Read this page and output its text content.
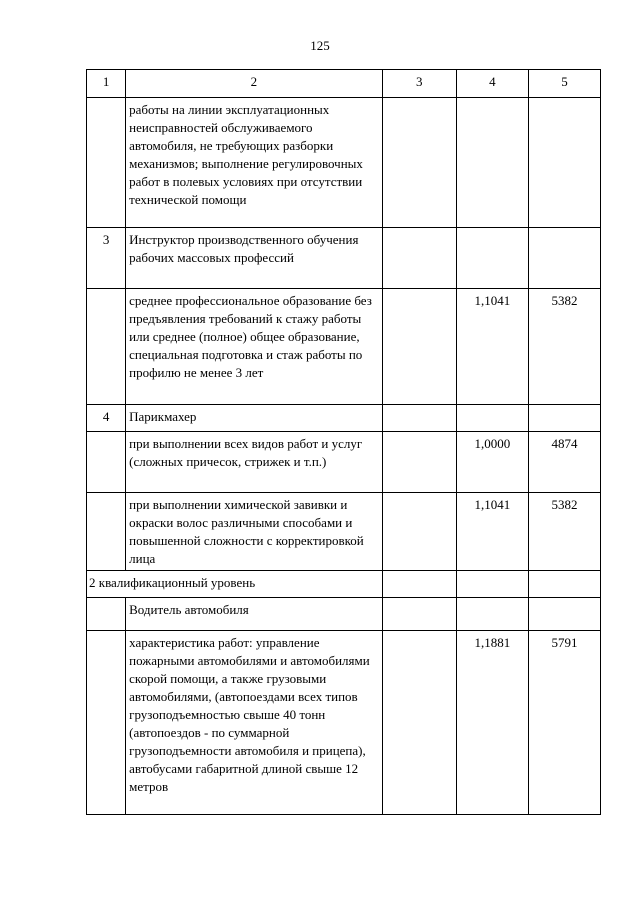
125
1	2	3	4	5
	работы на линии эксплуатационных неисправностей обслуживаемого автомобиля, не требующих разборки механизмов; выполнение регулировочных работ в полевых условиях при отсутствии технической помощи			
3	Инструктор производственного обучения рабочих массовых профессий			
	среднее профессиональное образование без предъявления требований к стажу работы или среднее (полное) общее образование, специальная подготовка и стаж работы по профилю не менее 3 лет		1,1041	5382
4	Парикмахер			
	при выполнении всех видов работ и услуг (сложных причесок, стрижек и т.п.)		1,0000	4874
	при выполнении химической завивки и окраски волос различными способами и повышенной сложности с корректировкой лица		1,1041	5382
2 квалификационный уровень				
	Водитель автомобиля			
	характеристика работ: управление пожарными автомобилями и автомобилями скорой помощи, а также грузовыми автомобилями, (автопоездами всех типов грузоподъемностью свыше 40 тонн (автопоездов - по суммарной грузоподъемности автомобиля и прицепа), автобусами габаритной длиной свыше 12 метров		1,1881	5791
